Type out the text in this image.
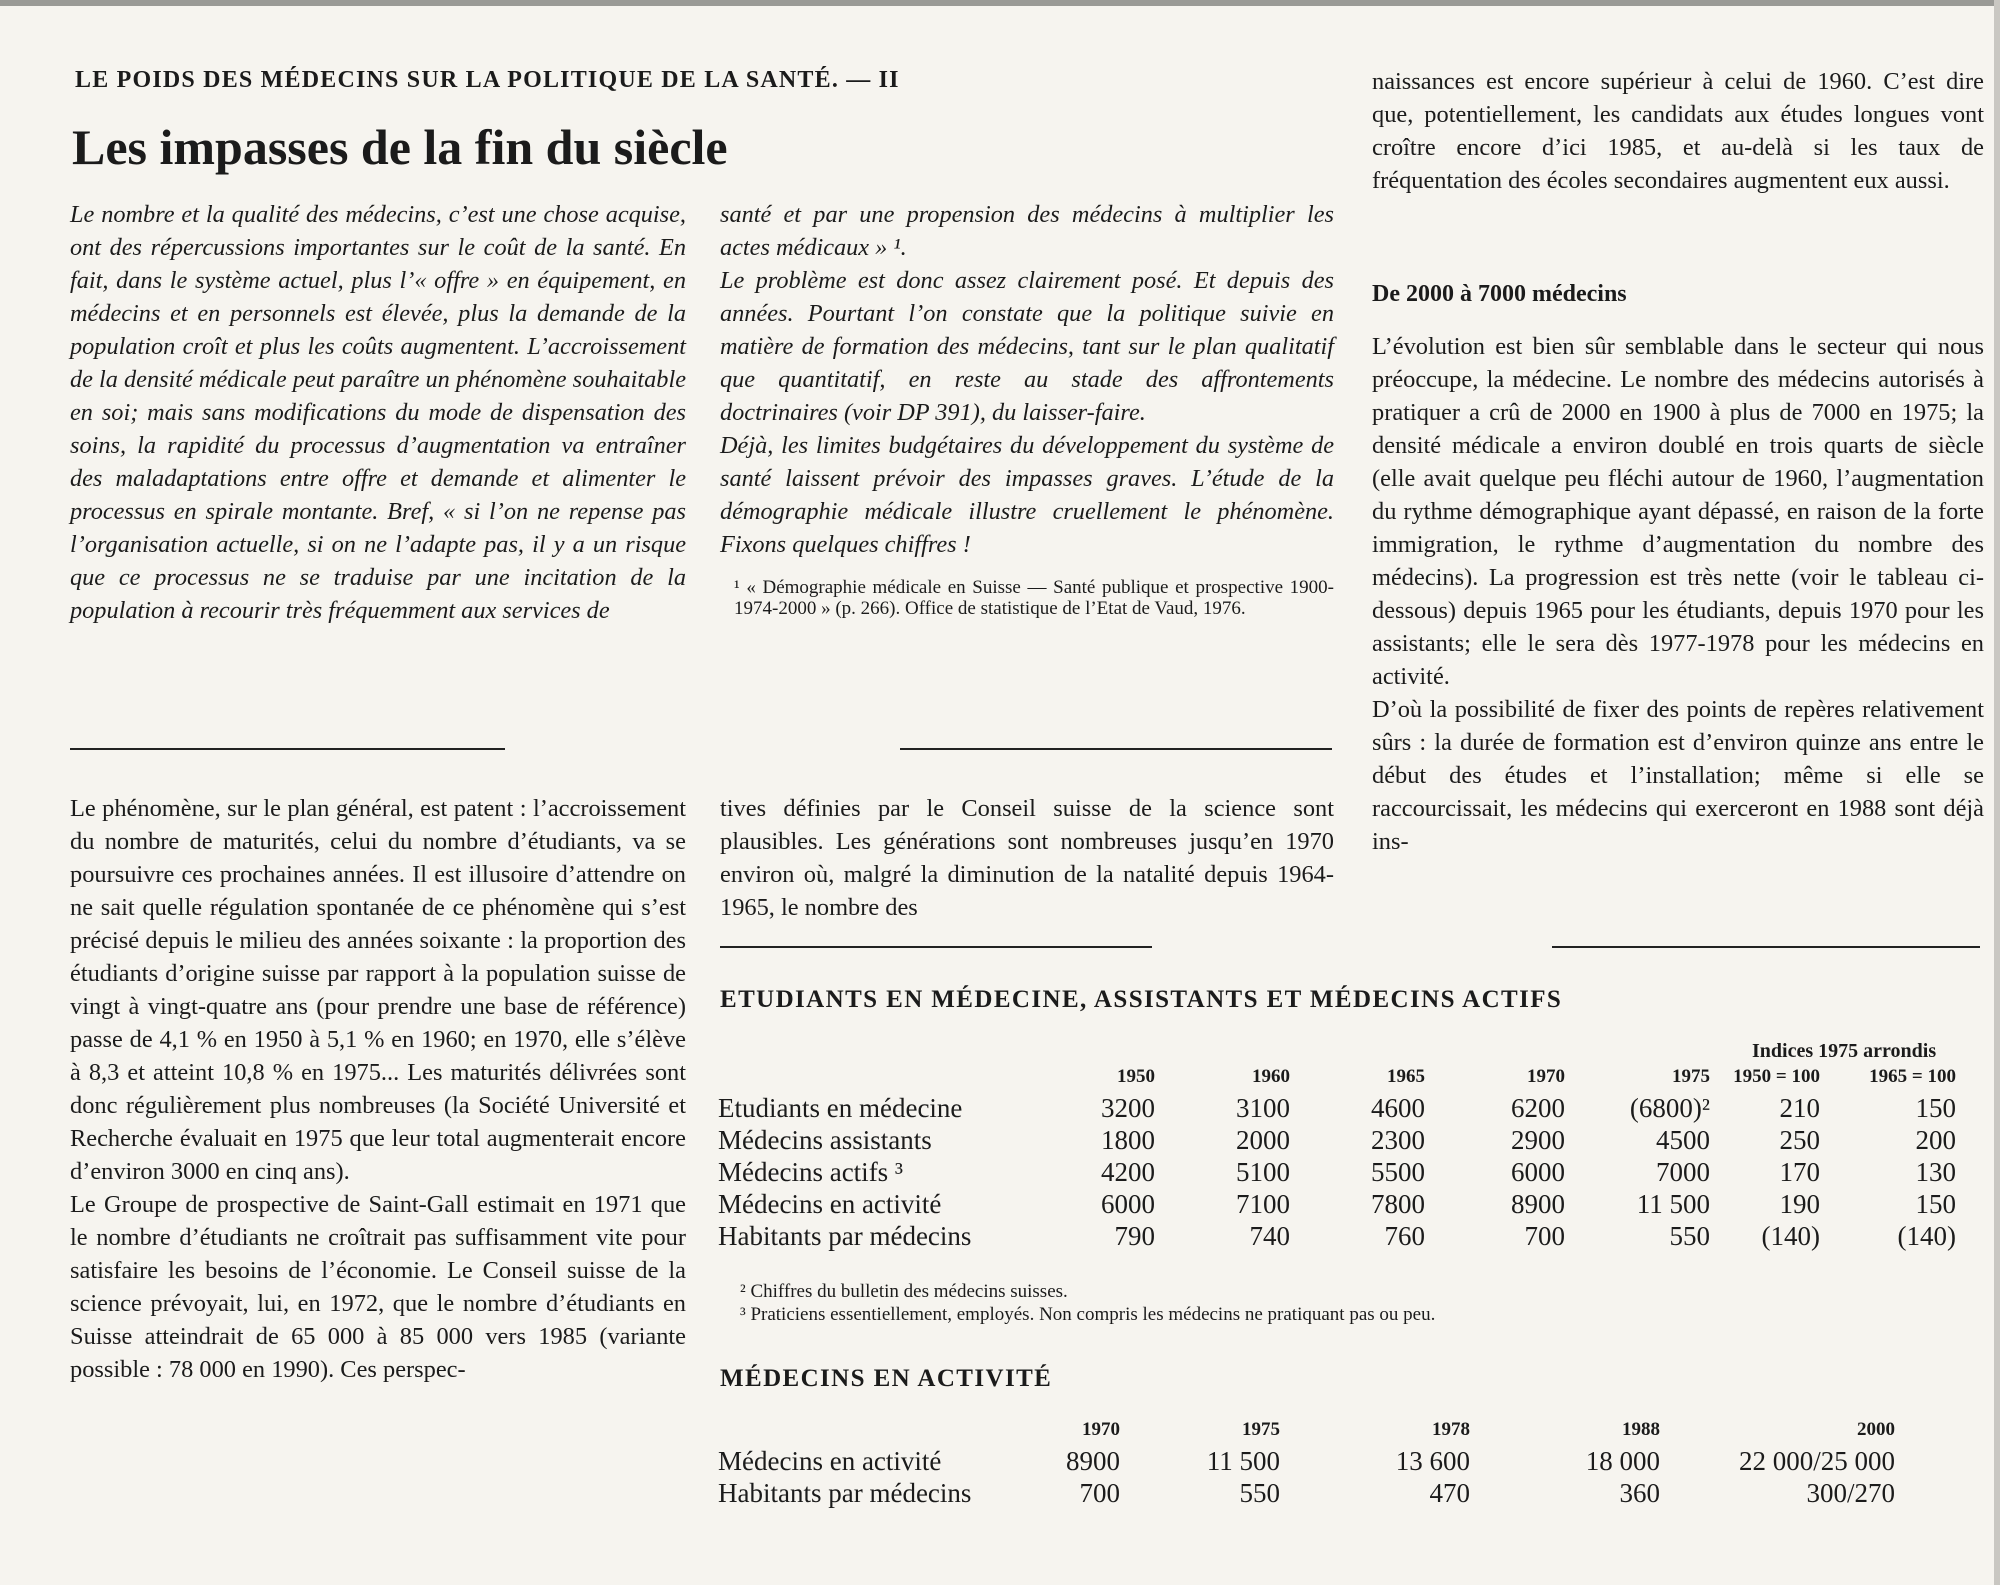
LE POIDS DES MÉDECINS SUR LA POLITIQUE DE LA SANTÉ. — II
Les impasses de la fin du siècle

Le nombre et la qualité des médecins, c’est une chose acquise, ont des répercussions importantes sur le coût de la santé. En fait, dans le système actuel, plus l’« offre » en équipement, en médecins et en personnels est élevée, plus la demande de la population croît et plus les coûts augmentent. L’accroissement de la densité médicale peut paraître un phénomène souhaitable en soi; mais sans modifications du mode de dispensation des soins, la rapidité du processus d’augmentation va entraîner des maladaptations entre offre et demande et alimenter le processus en spirale montante. Bref, « si l’on ne repense pas l’organisation actuelle, si on ne l’adapte pas, il y a un risque que ce processus ne se traduise par une incitation de la population à recourir très fréquemment aux services de

santé et par une propension des médecins à multiplier les actes médicaux » ¹.

Le problème est donc assez clairement posé. Et depuis des années. Pourtant l’on constate que la politique suivie en matière de formation des médecins, tant sur le plan qualitatif que quantitatif, en reste au stade des affrontements doctrinaires (voir DP 391), du laisser-faire.

Déjà, les limites budgétaires du développement du système de santé laissent prévoir des impasses graves. L’étude de la démographie médicale illustre cruellement le phénomène. Fixons quelques chiffres !

¹ « Démographie médicale en Suisse — Santé publique et prospective 1900-1974-2000 » (p. 266). Office de statistique de l’Etat de Vaud, 1976.

Le phénomène, sur le plan général, est patent : l’accroissement du nombre de maturités, celui du nombre d’étudiants, va se poursuivre ces prochaines années. Il est illusoire d’attendre on ne sait quelle régulation spontanée de ce phénomène qui s’est précisé depuis le milieu des années soixante : la proportion des étudiants d’origine suisse par rapport à la population suisse de vingt à vingt-quatre ans (pour prendre une base de référence) passe de 4,1 % en 1950 à 5,1 % en 1960; en 1970, elle s’élève à 8,3 et atteint 10,8 % en 1975... Les maturités délivrées sont donc régulièrement plus nombreuses (la Société Université et Recherche évaluait en 1975 que leur total augmenterait encore d’environ 3000 en cinq ans).

Le Groupe de prospective de Saint-Gall estimait en 1971 que le nombre d’étudiants ne croîtrait pas suffisamment vite pour satisfaire les besoins de l’économie. Le Conseil suisse de la science prévoyait, lui, en 1972, que le nombre d’étudiants en Suisse atteindrait de 65 000 à 85 000 vers 1985 (variante possible : 78 000 en 1990). Ces perspec-

tives définies par le Conseil suisse de la science sont plausibles. Les générations sont nombreuses jusqu’en 1970 environ où, malgré la diminution de la natalité depuis 1964-1965, le nombre des

naissances est encore supérieur à celui de 1960. C’est dire que, potentiellement, les candidats aux études longues vont croître encore d’ici 1985, et au-delà si les taux de fréquentation des écoles secondaires augmentent eux aussi.

De 2000 à 7000 médecins

L’évolution est bien sûr semblable dans le secteur qui nous préoccupe, la médecine. Le nombre des médecins autorisés à pratiquer a crû de 2000 en 1900 à plus de 7000 en 1975; la densité médicale a environ doublé en trois quarts de siècle (elle avait quelque peu fléchi autour de 1960, l’augmentation du rythme démographique ayant dépassé, en raison de la forte immigration, le rythme d’augmentation du nombre des médecins). La progression est très nette (voir le tableau ci-dessous) depuis 1965 pour les étudiants, depuis 1970 pour les assistants; elle le sera dès 1977-1978 pour les médecins en activité.

D’où la possibilité de fixer des points de repères relativement sûrs : la durée de formation est d’environ quinze ans entre le début des études et l’installation; même si elle se raccourcissait, les médecins qui exerceront en 1988 sont déjà ins-

ETUDIANTS EN MÉDECINE, ASSISTANTS ET MÉDECINS ACTIFS
Indices 1975 arrondis
	1950	1960	1965	1970	1975	1950 = 100	1965 = 100
Etudiants en médecine	3200	3100	4600	6200	(6800)²	210	150
Médecins assistants	1800	2000	2300	2900	4500	250	200
Médecins actifs ³	4200	5100	5500	6000	7000	170	130
Médecins en activité	6000	7100	7800	8900	11 500	190	150
Habitants par médecins	790	740	760	700	550	(140)	(140)
² Chiffres du bulletin des médecins suisses.
³ Praticiens essentiellement, employés. Non compris les médecins ne pratiquant pas ou peu.
MÉDECINS EN ACTIVITÉ
	1970	1975	1978	1988	2000
Médecins en activité	8900	11 500	13 600	18 000	22 000/25 000
Habitants par médecins	700	550	470	360	300/270
